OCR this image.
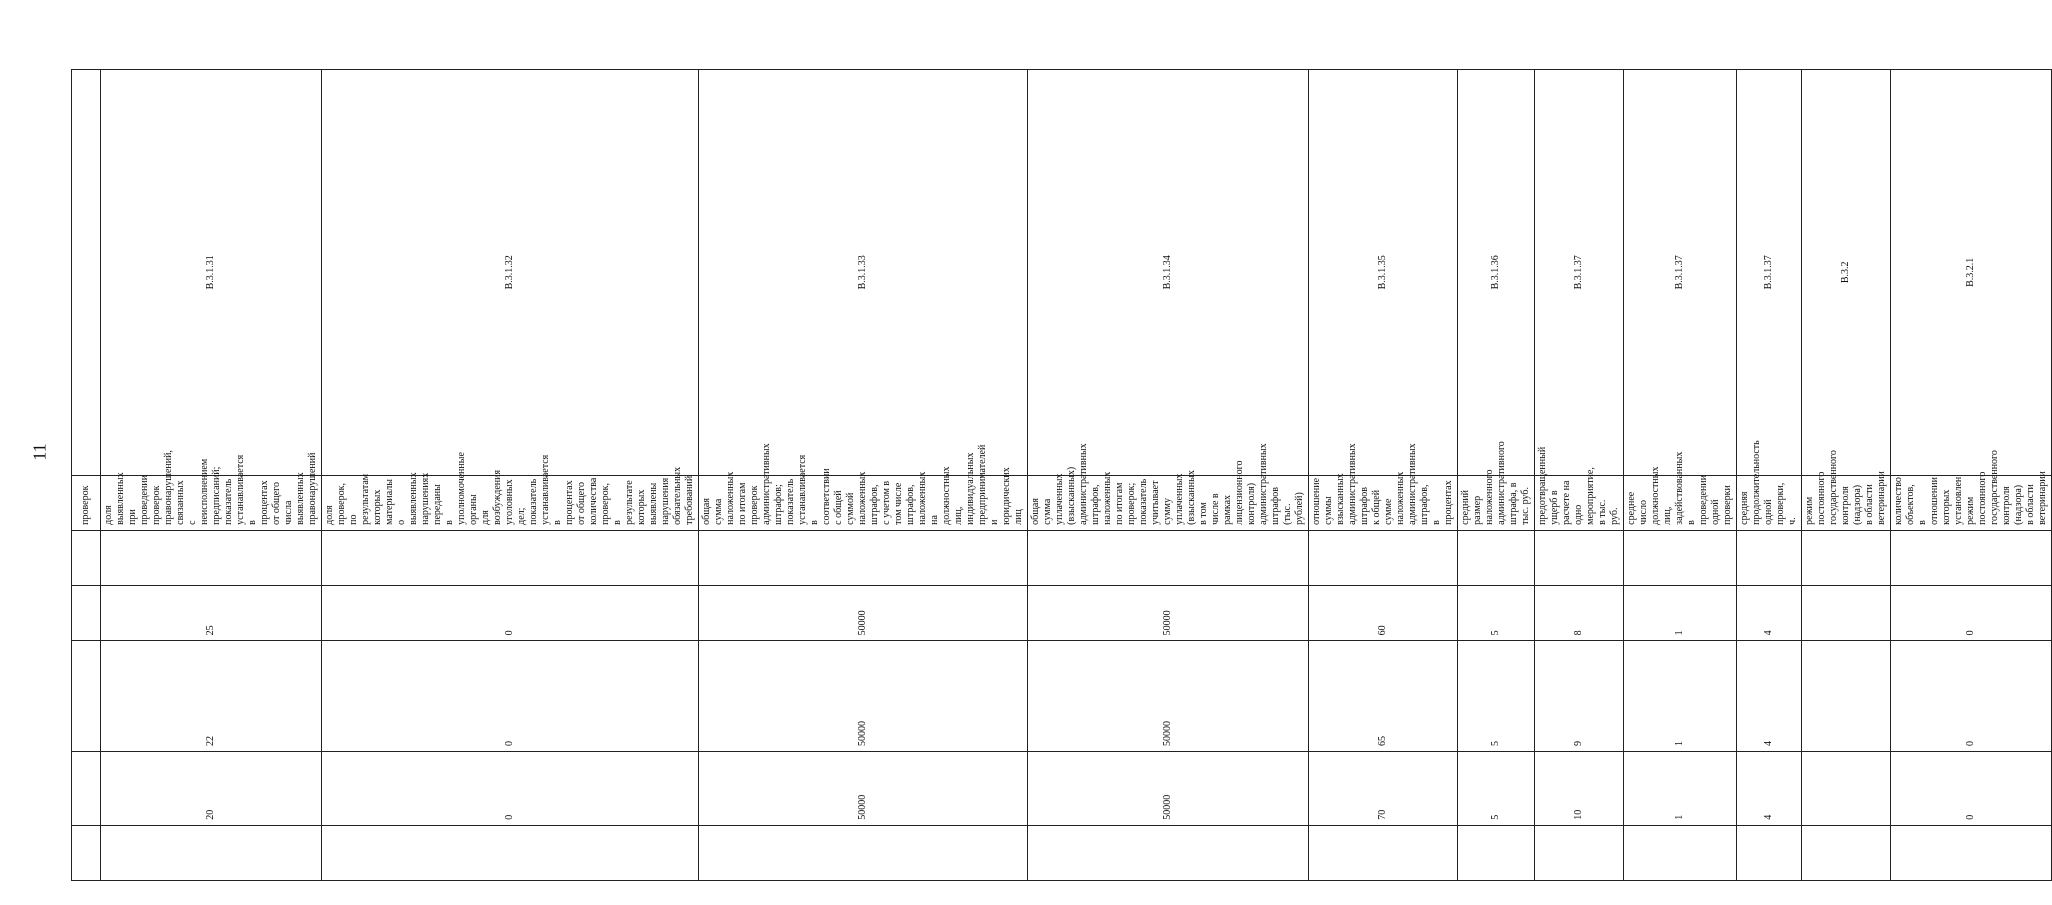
11
					проверок	
	20	22	25		доля выявленных при проведении проверок правонарушений, связанных с неисполнением предписаний; показатель устанавливается в процентах от общего числа выявленных правонарушений	В.3.1.31
	0	0	0		доля проверок, по результатам которых материалы о выявленных нарушениях переданы в уполномоченные органы для возбуждения уголовных дел; показатель устанавливается в процентах от общего количества проверок, в результате которых выявлены нарушения обязательных требований	В.3.1.32
	50000	50000	50000		общая сумма наложенных по итогам проверок административных штрафов; показатель устанавливается в соответствии с общей суммой наложенных штрафов, с учетом в том числе штрафов, наложенных на должностных лиц, индивидуальных предпринимателей и юридических лиц	В.3.1.33
	50000	50000	50000		общая сумма уплаченных (взысканных) административных штрафов, наложенных по итогам проверок; показатель учитывает сумму уплаченных (взысканных в том числе в рамках лицензионного контроля) административных штрафов (тыс. рублей)	В.3.1.34
	70	65	60		отношение суммы взысканных административных штрафов к общей сумме наложенных административных штрафов, в процентах	В.3.1.35
	5	5	5		средний размер наложенного административного штрафа, в тыс. руб.	В.3.1.36
	10	9	8		предотвращенный ущерб в расчете на одно мероприятие, в тыс. руб.	В.3.1.37
	1	1	1		среднее число должностных лиц, задействованных в проведении одной проверки	В.3.1.37
	4	4	4		средняя продолжительность одной проверки, ч.	В.3.1.37
					режим постоянного государственного контроля (надзора) в области ветеринарии	В.3.2
	0	0	0		количество объектов, в отношении которых установлен режим постоянного государственного контроля (надзора) в области ветеринарии	В.3.2.1
